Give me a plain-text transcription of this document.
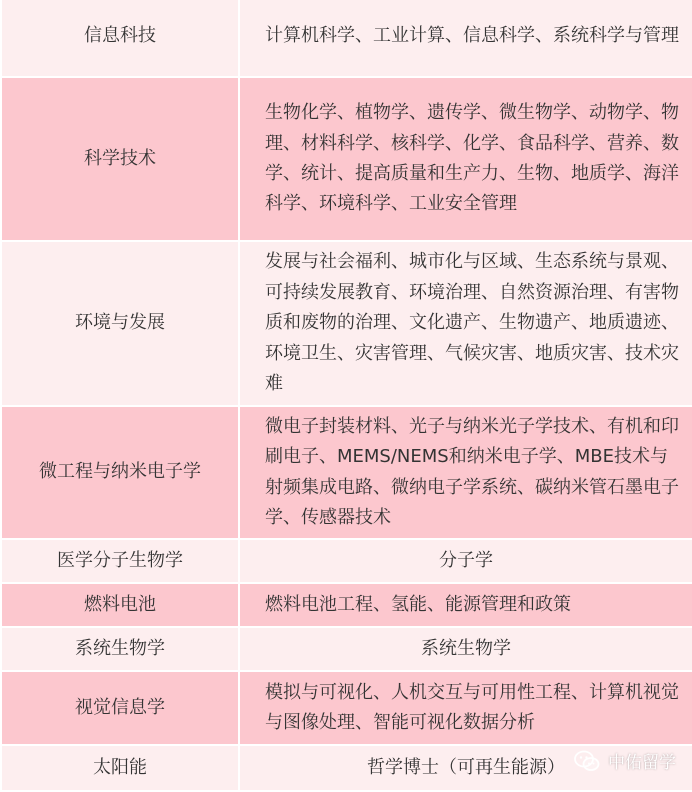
信息科技	计算机科学、工业计算、信息科学、系统科学与管理
科学技术	生物化学、植物学、遗传学、微生物学、动物学、物理、材料科学、核科学、化学、食品科学、营养、数学、统计、提高质量和生产力、生物、地质学、海洋科学、环境科学、工业安全管理
环境与发展	发展与社会福利、城市化与区域、生态系统与景观、可持续发展教育、环境治理、自然资源治理、有害物质和废物的治理、文化遗产、生物遗产、地质遗迹、环境卫生、灾害管理、气候灾害、地质灾害、技术灾难
微工程与纳米电子学	微电子封装材料、光子与纳米光子学技术、有机和印刷电子、MEMS/NEMS和纳米电子学、MBE技术与射频集成电路、微纳电子学系统、碳纳米管石墨电子学、传感器技术
医学分子生物学	分子学
燃料电池	燃料电池工程、氢能、能源管理和政策
系统生物学	系统生物学
视觉信息学	模拟与可视化、人机交互与可用性工程、计算机视觉与图像处理、智能可视化数据分析
太阳能	哲学博士（可再生能源）	中佑留学
